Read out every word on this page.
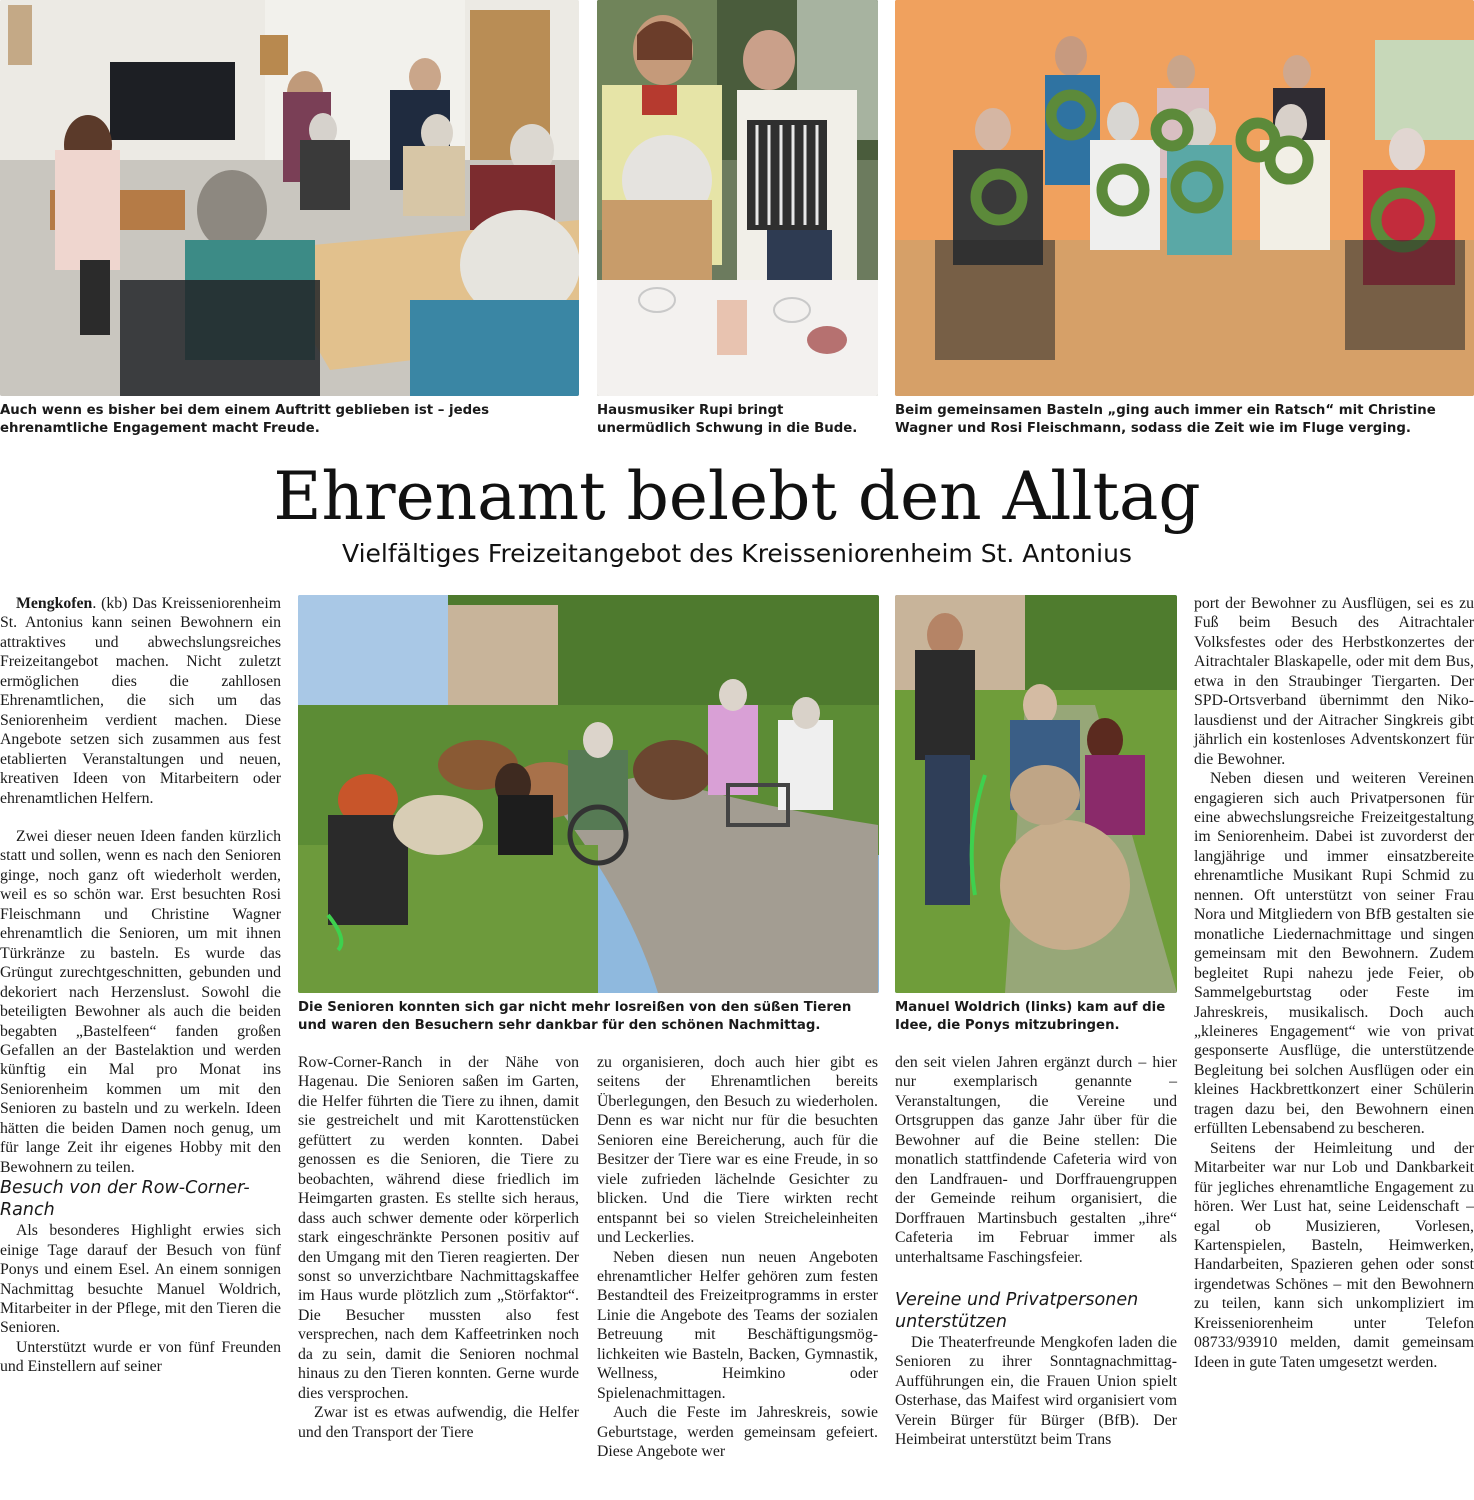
Auch wenn es bisher bei dem einem Auftritt geblieben ist – jedes ehrenamtliche Engagement macht Freude.
Hausmusiker Rupi bringt unermüdlich Schwung in die Bude.
Beim gemeinsamen Basteln „ging auch immer ein Ratsch“ mit Christine Wagner und Rosi Fleischmann, sodass die Zeit wie im Fluge verging.
Ehrenamt belebt den Alltag
Vielfältiges Freizeitangebot des Kreisseniorenheim St. Antonius
Die Senioren konnten sich gar nicht mehr losreißen von den süßen Tieren und waren den Besuchern sehr dankbar für den schönen Nachmittag.
Manuel Woldrich (links) kam auf die Idee, die Ponys mitzubringen.

Mengkofen. (kb) Das Kreisseniorenheim St. Antonius kann seinen Bewohnern ein attraktives und abwechslungsreiches Freizeitangebot machen. Nicht zuletzt ermöglichen dies die zahllosen Ehrenamtlichen, die sich um das Seniorenheim verdient machen. Diese Angebote setzen sich zusammen aus fest etablierten Veranstaltungen und neuen, kreativen Ideen von Mitarbeitern oder ehrenamtlichen Helfern.

Zwei dieser neuen Ideen fanden kürzlich statt und sollen, wenn es nach den Senioren ginge, noch ganz oft wiederholt werden, weil es so schön war. Erst besuchten Rosi Fleischmann und Christine Wagner ehrenamtlich die Senioren, um mit ihnen Türkränze zu basteln. Es wurde das Grüngut zurechtgeschnitten, gebunden und dekoriert nach Herzenslust. Sowohl die beteiligten Bewohner als auch die beiden begabten „Bastelfeen“ fanden großen Gefallen an der Bastelaktion und werden künftig ein Mal pro Monat ins Seniorenheim kommen um mit den Senioren zu basteln und zu werkeln. Ideen hätten die beiden Damen noch genug, um für lange Zeit ihr eigenes Hobby mit den Bewohnern zu teilen.

Besuch von der Row-Corner-Ranch

Als besonderes Highlight erwies sich einige Tage darauf der Besuch von fünf Ponys und einem Esel. An einem sonnigen Nachmittag besuchte Manuel Woldrich, Mitarbeiter in der Pflege, mit den Tieren die Senioren.

Unterstützt wurde er von fünf Freunden und Einstellern auf seiner

Row-Corner-Ranch in der Nähe von Hagenau. Die Senioren saßen im Garten, die Helfer führten die Tiere zu ihnen, damit sie gestreichelt und mit Karottenstücken gefüttert zu werden konnten. Dabei genossen es die Senioren, die Tiere zu beobachten, während diese friedlich im Heimgarten grasten. Es stellte sich heraus, dass auch schwer demente oder körperlich stark eingeschränkte Personen positiv auf den Umgang mit den Tieren reagierten. Der sonst so unverzichtbare Nachmittagskaffee im Haus wurde plötzlich zum „Störfaktor“. Die Besucher mussten also fest versprechen, nach dem Kaffeetrinken noch da zu sein, damit die Senioren nochmal hinaus zu den Tieren konnten. Gerne wurde dies versprochen.

Zwar ist es etwas aufwendig, die Helfer und den Transport der Tiere

zu organisieren, doch auch hier gibt es seitens der Ehrenamtlichen bereits Überlegungen, den Besuch zu wiederholen. Denn es war nicht nur für die besuchten Senioren eine Bereicherung, auch für die Besitzer der Tiere war es eine Freude, in so viele zufrieden lächelnde Gesichter zu blicken. Und die Tiere wirkten recht entspannt bei so vielen Streicheleinheiten und Leckerlies.

Neben diesen nun neuen Angeboten ehrenamtlicher Helfer gehören zum festen Bestandteil des Freizeitprogramms in erster Linie die Angebote des Teams der sozialen Betreuung mit Beschäftigungsmöglichkeiten wie Basteln, Backen, Gymnastik, Wellness, Heimkino oder Spielenachmittagen.

Auch die Feste im Jahreskreis, sowie Geburtstage, werden gemeinsam gefeiert. Diese Angebote wer

den seit vielen Jahren ergänzt durch – hier nur exemplarisch genannte – Veranstaltungen, die Vereine und Ortsgruppen das ganze Jahr über für die Bewohner auf die Beine stellen: Die monatlich stattfindende Cafeteria wird von den Landfrauen- und Dorffrauengruppen der Gemeinde reihum organisiert, die Dorffrauen Martinsbuch gestalten „ihre“ Cafeteria im Februar immer als unterhaltsame Faschingsfeier.

Vereine und Privatpersonen unterstützen

Die Theaterfreunde Mengkofen laden die Senioren zu ihrer Sonntagnachmittag-Aufführungen ein, die Frauen Union spielt Osterhase, das Maifest wird organisiert vom Verein Bürger für Bürger (BfB). Der Heimbeirat unterstützt beim Trans

port der Bewohner zu Ausflügen, sei es zu Fuß beim Besuch des Aitrachtaler Volksfestes oder des Herbstkonzertes der Aitrachtaler Blaskapelle, oder mit dem Bus, etwa in den Straubinger Tiergarten. Der SPD-Ortsverband übernimmt den Nikolausdienst und der Aitracher Singkreis gibt jährlich ein kostenloses Adventskonzert für die Bewohner.

Neben diesen und weiteren Vereinen engagieren sich auch Privatpersonen für eine abwechslungsreiche Freizeitgestaltung im Seniorenheim. Dabei ist zuvorderst der langjährige und immer einsatzbereite ehrenamtliche Musikant Rupi Schmid zu nennen. Oft unterstützt von seiner Frau Nora und Mitgliedern von BfB gestalten sie monatliche Liedernachmittage und singen gemeinsam mit den Bewohnern. Zudem begleitet Rupi nahezu jede Feier, ob Sammelgeburtstag oder Feste im Jahreskreis, musikalisch. Doch auch „kleineres Engagement“ wie von privat gesponserte Ausflüge, die unterstützende Begleitung bei solchen Ausflügen oder ein kleines Hackbrettkonzert einer Schülerin tragen dazu bei, den Bewohnern einen erfüllten Lebensabend zu bescheren.

Seitens der Heimleitung und der Mitarbeiter war nur Lob und Dankbarkeit für jegliches ehrenamtliche Engagement zu hören. Wer Lust hat, seine Leidenschaft – egal ob Musizieren, Vorlesen, Kartenspielen, Basteln, Heimwerken, Handarbeiten, Spazieren gehen oder sonst irgendetwas Schönes – mit den Bewohnern zu teilen, kann sich unkompliziert im Kreisseniorenheim unter Telefon 08733/93910 melden, damit gemeinsam Ideen in gute Taten umgesetzt werden.
